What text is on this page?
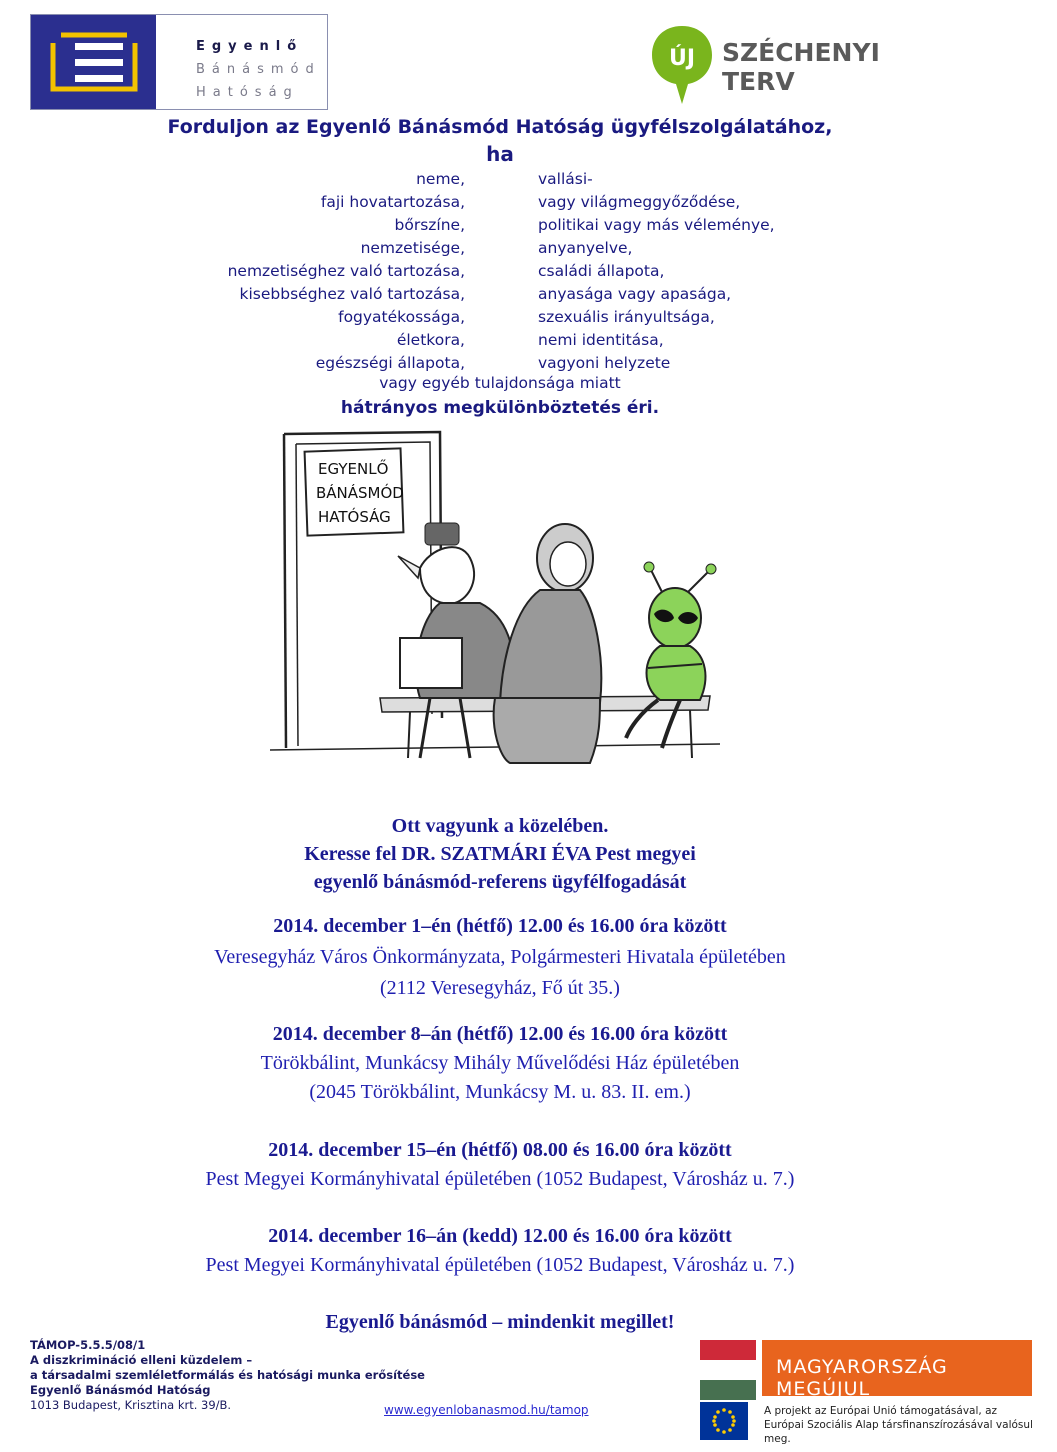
Egyenlő
Bánásmód
Hatóság
ÚJ SZÉCHENYI TERV
Forduljon az Egyenlő Bánásmód Hatóság ügyfélszolgálatához,
ha
neme,
faji hovatartozása,
bőrszíne,
nemzetisége,
nemzetiséghez való tartozása,
kisebbséghez való tartozása,
fogyatékossága,
életkora,
egészségi állapota,
vallási-
vagy világmeggyőződése,
politikai vagy más véleménye,
anyanyelve,
családi állapota,
anyasága vagy apasága,
szexuális irányultsága,
nemi identitása,
vagyoni helyzete
vagy egyéb tulajdonsága miatt
hátrányos megkülönböztetés éri.
EGYENLŐ
BÁNÁSMÓD
HATÓSÁG
Ott vagyunk a közelében.
Keresse fel DR. SZATMÁRI ÉVA Pest megyei
egyenlő bánásmód-referens ügyfélfogadását
2014. december 1–én (hétfő) 12.00 és 16.00 óra között
Veresegyház Város Önkormányzata, Polgármesteri Hivatala épületében
(2112 Veresegyház, Fő út 35.)
2014. december 8–án (hétfő) 12.00 és 16.00 óra között
Törökbálint, Munkácsy Mihály Művelődési Ház épületében
(2045 Törökbálint, Munkácsy M. u. 83. II. em.)
2014. december 15–én (hétfő) 08.00 és 16.00 óra között
Pest Megyei Kormányhivatal épületében (1052 Budapest, Városház u. 7.)
2014. december 16–án (kedd) 12.00 és 16.00 óra között
Pest Megyei Kormányhivatal épületében (1052 Budapest, Városház u. 7.)
Egyenlő bánásmód – mindenkit megillet!
TÁMOP-5.5.5/08/1
A diszkrimináció elleni küzdelem –
a társadalmi szemléletformálás és hatósági munka erősítése
Egyenlő Bánásmód Hatóság
1013 Budapest, Krisztina krt. 39/B.	www.egyenlobanasmod.hu/tamop
MAGYARORSZÁG MEGÚJUL
A projekt az Európai Unió támogatásával, az Európai Szociális Alap társfinanszírozásával valósul meg.
